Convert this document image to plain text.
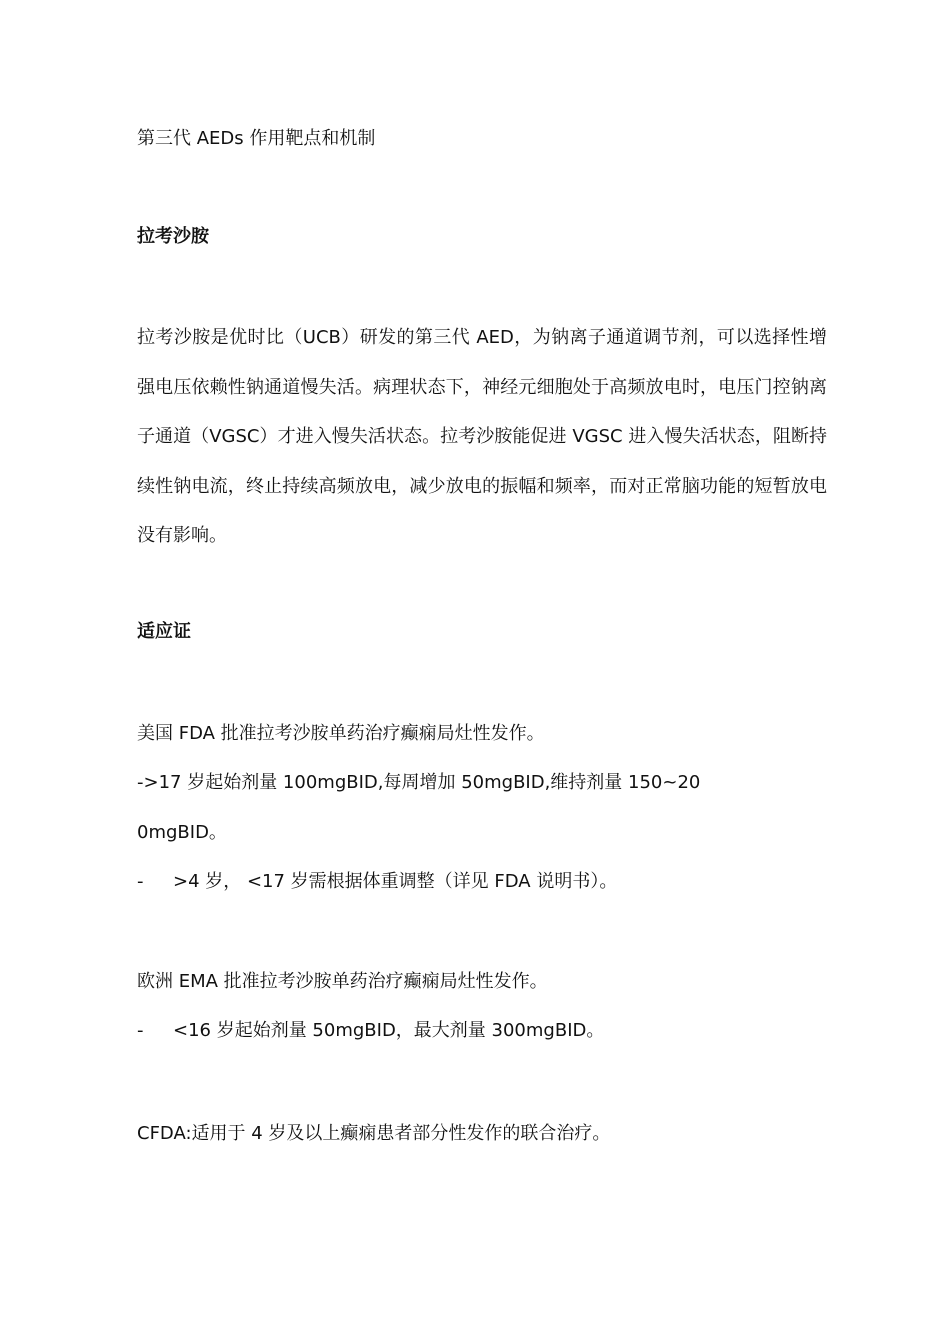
第三代 AEDs 作用靶点和机制
拉考沙胺
拉考沙胺是优时比（UCB）研发的第三代 AED，为钠离子通道调节剂，可以选择性增强电压依赖性钠通道慢失活。病理状态下，神经元细胞处于高频放电时，电压门控钠离子通道（VGSC）才进入慢失活状态。拉考沙胺能促进 VGSC 进入慢失活状态，阻断持续性钠电流，终止持续高频放电，减少放电的振幅和频率，而对正常脑功能的短暂放电没有影响。
适应证
美国 FDA 批准拉考沙胺单药治疗癫痫局灶性发作。
->17 岁起始剂量 100mgBID,每周增加 50mgBID,维持剂量 150~20
0mgBID。
- >4 岁， <17 岁需根据体重调整（详见 FDA 说明书）。
欧洲 EMA 批准拉考沙胺单药治疗癫痫局灶性发作。
- <16 岁起始剂量 50mgBID，最大剂量 300mgBID。
CFDA:适用于 4 岁及以上癫痫患者部分性发作的联合治疗。
